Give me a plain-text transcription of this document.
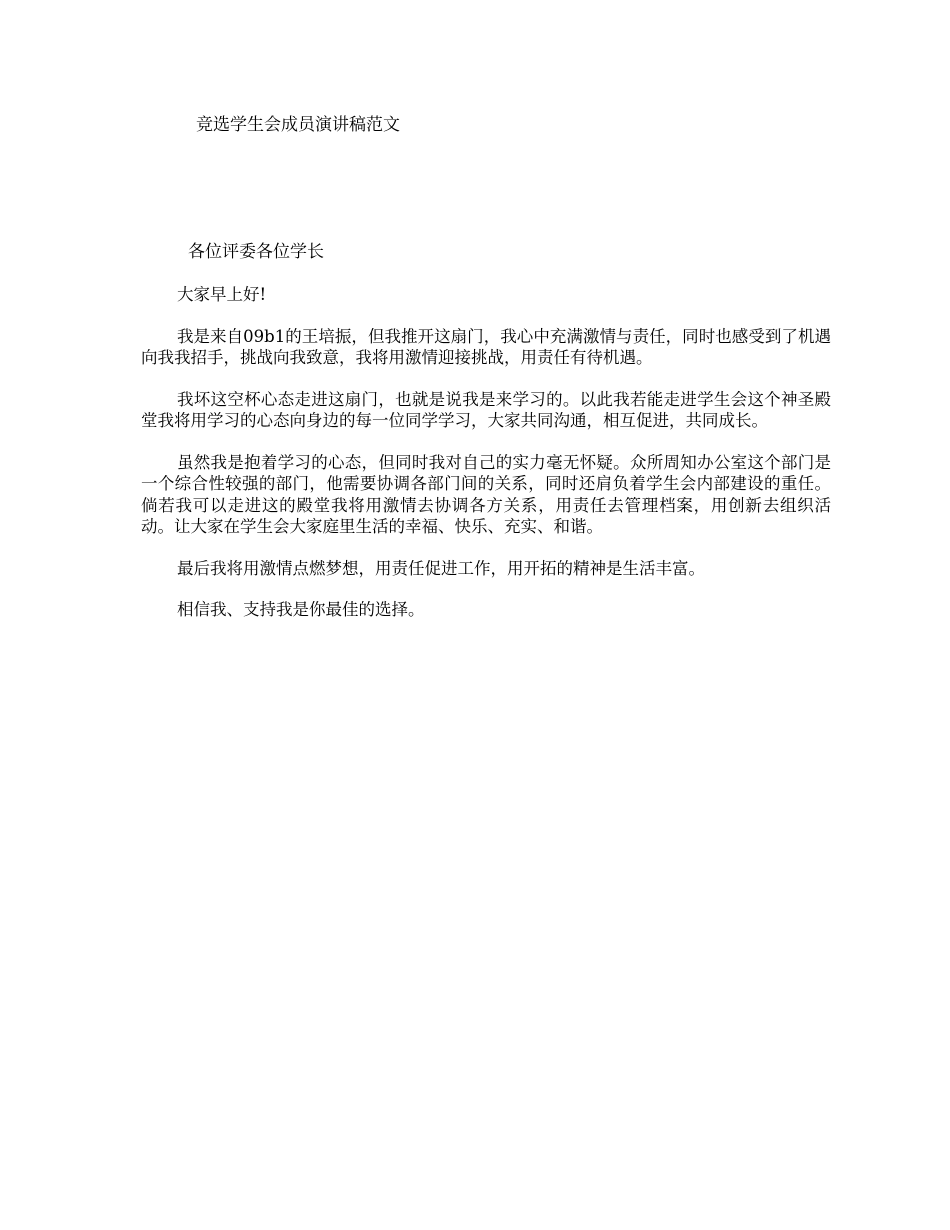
竞选学生会成员演讲稿范文
各位评委各位学长

大家早上好!

我是来自09b1的王培振，但我推开这扇门，我心中充满激情与责任，同时也感受到了机遇向我我招手，挑战向我致意，我将用激情迎接挑战，用责任有待机遇。

我坏这空杯心态走进这扇门，也就是说我是来学习的。以此我若能走进学生会这个神圣殿堂我将用学习的心态向身边的每一位同学学习，大家共同沟通，相互促进，共同成长。

虽然我是抱着学习的心态，但同时我对自己的实力毫无怀疑。众所周知办公室这个部门是一个综合性较强的部门，他需要协调各部门间的关系，同时还肩负着学生会内部建设的重任。倘若我可以走进这的殿堂我将用激情去协调各方关系，用责任去管理档案，用创新去组织活动。让大家在学生会大家庭里生活的幸福、快乐、充实、和谐。

最后我将用激情点燃梦想，用责任促进工作，用开拓的精神是生活丰富。

相信我、支持我是你最佳的选择。
